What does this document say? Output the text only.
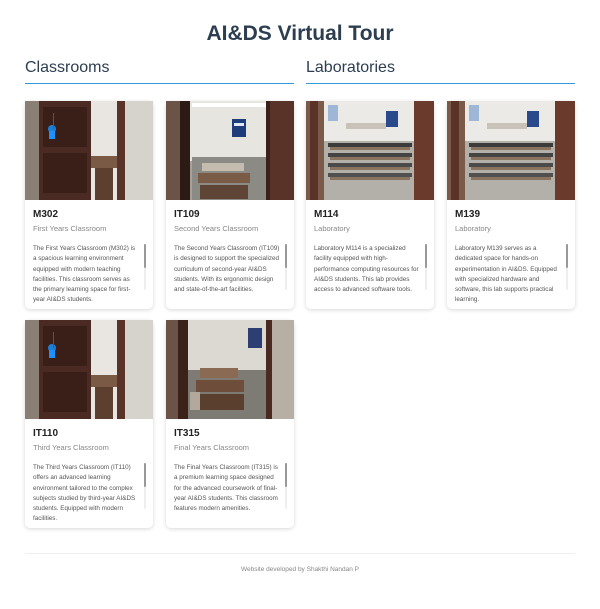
AI&DS Virtual Tour
Classrooms	Laboratories
M302
First Years Classroom
The First Years Classroom (M302) is a spacious learning environment equipped with modern teaching facilities. This classroom serves as the primary learning space for first-year AI&DS students.
IT109
Second Years Classroom
The Second Years Classroom (IT109) is designed to support the specialized curriculum of second-year AI&DS students. With its ergonomic design and state-of-the-art facilities.
M114
Laboratory
Laboratory M114 is a specialized facility equipped with high-performance computing resources for AI&DS students. This lab provides access to advanced software tools.
M139
Laboratory
Laboratory M139 serves as a dedicated space for hands-on experimentation in AI&DS. Equipped with specialized hardware and software, this lab supports practical learning.
IT110
Third Years Classroom
The Third Years Classroom (IT110) offers an advanced learning environment tailored to the complex subjects studied by third-year AI&DS students. Equipped with modern facilities.
IT315
Final Years Classroom
The Final Years Classroom (IT315) is a premium learning space designed for the advanced coursework of final-year AI&DS students. This classroom features modern amenities.
Website developed by Shakthi Nandan P
